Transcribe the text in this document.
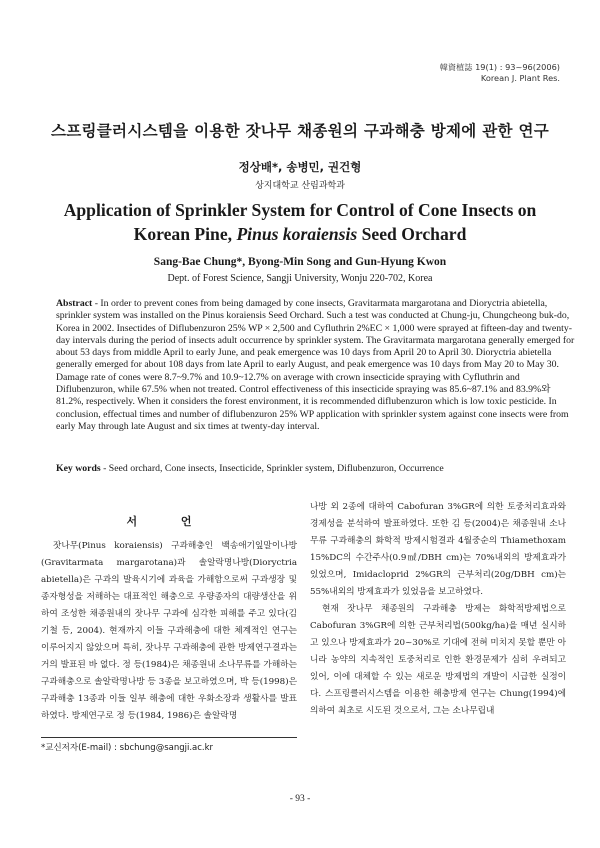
韓資植誌 19(1) : 93~96(2006)
Korean J. Plant Res.
스프링클러시스템을 이용한 잣나무 채종원의 구과해충 방제에 관한 연구
정상배*, 송병민, 권건형
상지대학교 산림과학과
Application of Sprinkler System for Control of Cone Insects on
Korean Pine, Pinus koraiensis Seed Orchard
Sang-Bae Chung*, Byong-Min Song and Gun-Hyung Kwon
Dept. of Forest Science, Sangji University, Wonju 220-702, Korea
Abstract - In order to prevent cones from being damaged by cone insects, Gravitarmata margarotana and Dioryctria abietella, sprinkler system was installed on the Pinus koraiensis Seed Orchard. Such a test was conducted at Chung-ju, Chungcheong buk-do, Korea in 2002. Insectides of Diflubenzuron 25% WP × 2,500 and Cyfluthrin 2%EC × 1,000 were sprayed at fifteen-day and twenty-day intervals during the period of insects adult occurrence by sprinkler system. The Gravitarmata margarotana generally emerged for about 53 days from middle April to early June, and peak emergence was 10 days from April 20 to April 30. Dioryctria abietella generally emerged for about 108 days from late April to early August, and peak emergence was 10 days from May 20 to May 30. Damage rate of cones were 8.7~9.7% and 10.9~12.7% on average with crown insecticide spraying with Cyfluthrin and Diflubenzuron, while 67.5% when not treated. Control effectiveness of this insecticide spraying was 85.6~87.1% and 83.9%와 81.2%, respectively. When it considers the forest environment, it is recommended diflubenzuron which is low toxic pesticide. In conclusion, effectual times and number of diflubenzuron 25% WP application with sprinkler system against cone insects were from early May through late August and six times at twenty-day interval.
Key words - Seed orchard, Cone insects, Insecticide, Sprinkler system, Diflubenzuron, Occurrence
서 언

잣나무(Pinus koraiensis) 구과해충인 백송애기잎말이나방(Gravitarmata margarotana)과 솔알락명나방(Dioryctria abietella)은 구과의 발육시기에 과육을 가해함으로써 구과생장 및 종자형성을 저해하는 대표적인 해충으로 우량종자의 대량생산을 위하여 조성한 채종원내의 잣나무 구과에 심각한 피해를 주고 있다(김기철 등, 2004). 현재까지 이들 구과해충에 대한 체계적인 연구는 이루어지지 않았으며 특히, 잣나무 구과해충에 관한 방제연구결과는 거의 발표된 바 없다. 정 등(1984)은 채종원내 소나무류를 가해하는 구과해충으로 솔알락명나방 등 3종을 보고하였으며, 박 등(1998)은 구과해충 13종과 이들 일부 해충에 대한 우화소장과 생활사를 발표하였다. 방제연구로 정 등(1984, 1986)은 솔알락명

나방 외 2종에 대하여 Cabofuran 3%GR에 의한 토중처리효과와 경제성을 분석하여 발표하였다. 또한 김 등(2004)은 채종원내 소나무류 구과해충의 화학적 방제시험결과 4월중순의 Thiamethoxam 15%DC의 수간주사(0.9㎖/DBH cm)는 70%내외의 방제효과가 있었으며, Imidacloprid 2%GR의 근부처리(20g/DBH cm)는 55%내외의 방제효과가 있었음을 보고하였다.

현재 잣나무 채종원의 구과해충 방제는 화학적방제법으로 Cabofuran 3%GR에 의한 근부처리법(500kg/ha)을 매년 실시하고 있으나 방제효과가 20~30%로 기대에 전혀 미치지 못할 뿐만 아니라 농약의 지속적인 토중처리로 인한 환경문제가 심히 우려되고 있어, 이에 대체할 수 있는 새로운 방제법의 개발이 시급한 실정이다. 스프링클러시스템을 이용한 해충방제 연구는 Chung(1994)에 의하여 최초로 시도된 것으로서, 그는 소나무립내

*교신저자(E-mail) : sbchung@sangji.ac.kr
- 93 -
